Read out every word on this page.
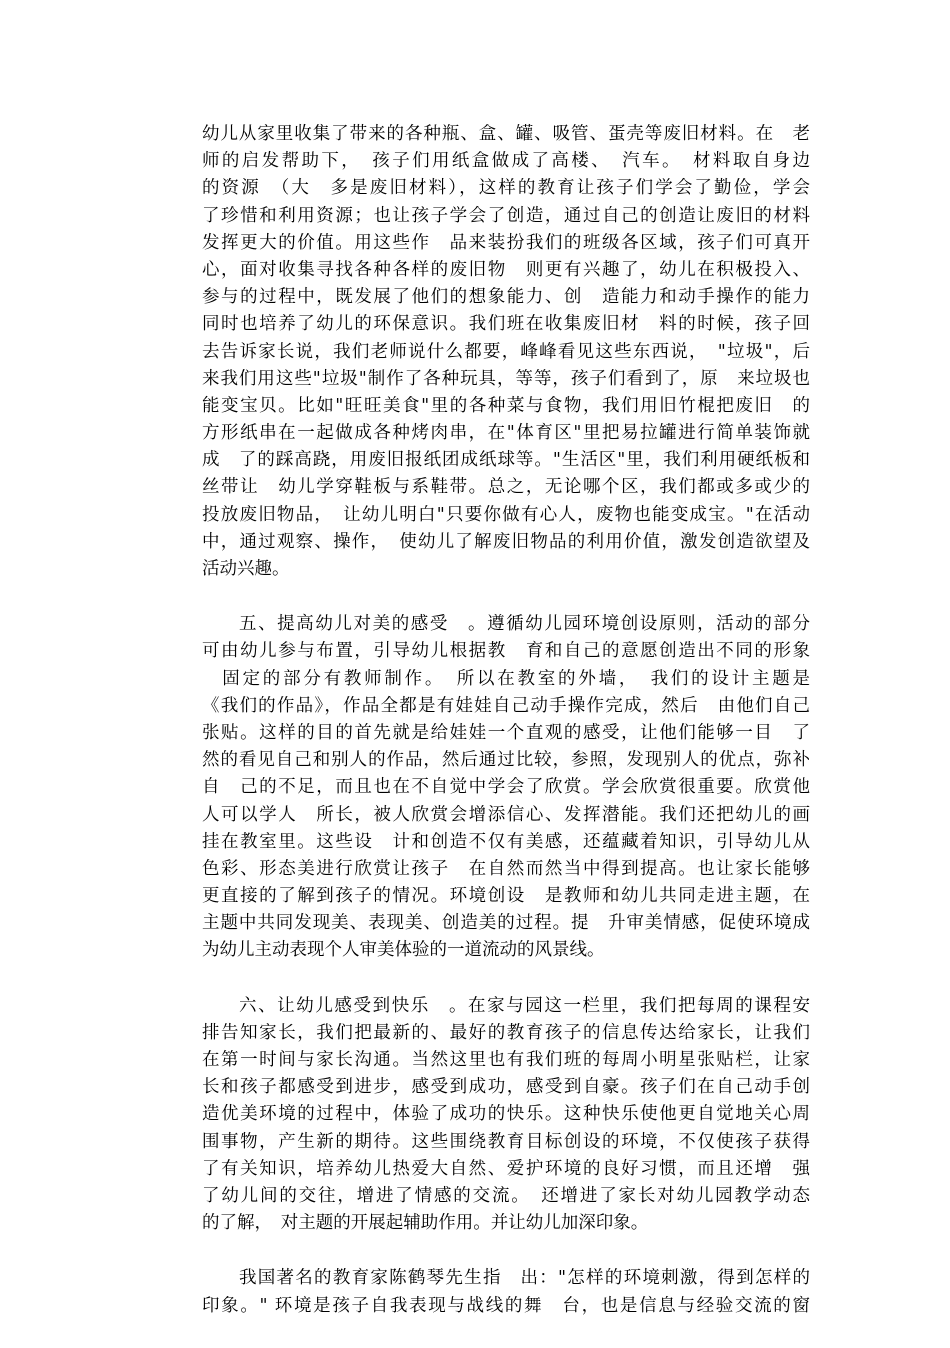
幼儿从家里收集了带来的各种瓶、盒、罐、吸管、蛋壳等废旧材料。在　老
师的启发帮助下，　孩子们用纸盒做成了高楼、　汽车。　材料取自身边
的资源　（大　多是废旧材料），这样的教育让孩子们学会了勤俭，学会
了珍惜和利用资源；也让孩子学会了创造，通过自己的创造让废旧的材料
发挥更大的价值。用这些作　品来装扮我们的班级各区域，孩子们可真开
心，面对收集寻找各种各样的废旧物　则更有兴趣了，幼儿在积极投入、
参与的过程中，既发展了他们的想象能力、创　造能力和动手操作的能力
同时也培养了幼儿的环保意识。我们班在收集废旧材　料的时候，孩子回
去告诉家长说，我们老师说什么都要，峰峰看见这些东西说，　"垃圾"，后
来我们用这些"垃圾"制作了各种玩具，等等，孩子们看到了，原　来垃圾也
能变宝贝。比如"旺旺美食"里的各种菜与食物，我们用旧竹棍把废旧　的
方形纸串在一起做成各种烤肉串，在"体育区"里把易拉罐进行简单装饰就
成　了的踩高跷，用废旧报纸团成纸球等。"生活区"里，我们利用硬纸板和
丝带让　幼儿学穿鞋板与系鞋带。总之，无论哪个区，我们都或多或少的
投放废旧物品，　让幼儿明白"只要你做有心人，废物也能变成宝。"在活动
中，通过观察、操作，　使幼儿了解废旧物品的利用价值，激发创造欲望及
活动兴趣。
五、提高幼儿对美的感受　。遵循幼儿园环境创设原则，活动的部分
可由幼儿参与布置，引导幼儿根据教　育和自己的意愿创造出不同的形象
　固定的部分有教师制作。　所以在教室的外墙，　我们的设计主题是
《我们的作品》，作品全都是有娃娃自己动手操作完成，然后　由他们自己
张贴。这样的目的首先就是给娃娃一个直观的感受，让他们能够一目　了
然的看见自己和别人的作品，然后通过比较，参照，发现别人的优点，弥补
自　己的不足，而且也在不自觉中学会了欣赏。学会欣赏很重要。欣赏他
人可以学人　所长，被人欣赏会增添信心、发挥潜能。我们还把幼儿的画
挂在教室里。这些设　计和创造不仅有美感，还蕴藏着知识，引导幼儿从
色彩、形态美进行欣赏让孩子　在自然而然当中得到提高。也让家长能够
更直接的了解到孩子的情况。环境创设　是教师和幼儿共同走进主题，在
主题中共同发现美、表现美、创造美的过程。提　升审美情感，促使环境成
为幼儿主动表现个人审美体验的一道流动的风景线。
六、让幼儿感受到快乐　。在家与园这一栏里，我们把每周的课程安
排告知家长，我们把最新的、最好的教育孩子的信息传达给家长，让我们
在第一时间与家长沟通。当然这里也有我们班的每周小明星张贴栏，让家
长和孩子都感受到进步，感受到成功，感受到自豪。孩子们在自己动手创
造优美环境的过程中，体验了成功的快乐。这种快乐使他更自觉地关心周
围事物，产生新的期待。这些围绕教育目标创设的环境，不仅使孩子获得
了有关知识，培养幼儿热爱大自然、爱护环境的良好习惯，而且还增　强
了幼儿间的交往，增进了情感的交流。　还增进了家长对幼儿园教学动态
的了解，　对主题的开展起辅助作用。并让幼儿加深印象。
我国著名的教育家陈鹤琴先生指　出："怎样的环境刺激，得到怎样的
印象。" 环境是孩子自我表现与战线的舞　台，也是信息与经验交流的窗
